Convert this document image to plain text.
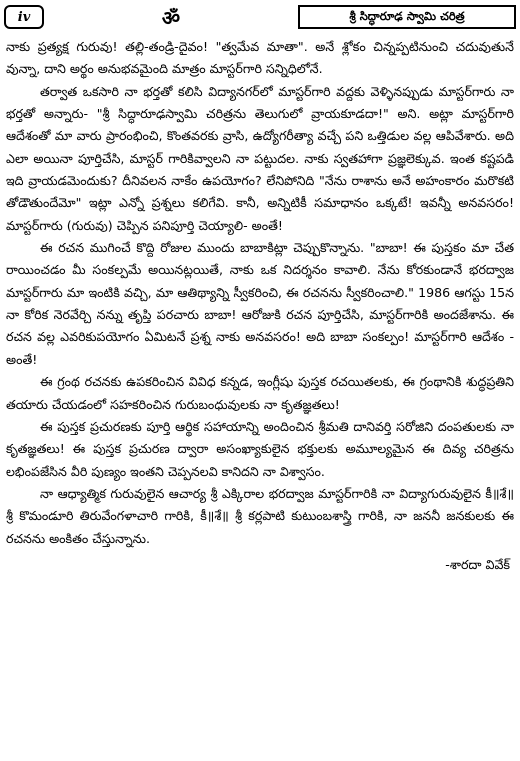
iv	ॐ	శ్రీ సిద్ధారూఢ స్వామి చరిత్ర

నాకు ప్రత్యక్ష గురువు! తల్లి-తండ్రి-దైవం! "త్వమేవ మాతా". అనే శ్లోకం చిన్నప్పటినుంచి చదువుతునే వున్నా, దాని అర్థం అనుభవమైంది మాత్రం మాస్టర్‌గారి సన్నిధిలోనే.

తర్వాత ఒకసారి నా భర్తతో కలిసి విద్యానగర్‌లో మాస్టర్‌గారి వద్దకు వెళ్ళినప్పుడు మాస్టర్‌గారు నా భర్తతో అన్నారు- "శ్రీ సిద్ధారూఢస్వామి చరిత్రను తెలుగులో వ్రాయకూడదా!" అని. అట్లా మాస్టర్‌గారి ఆదేశంతో మా వారు ప్రారంభించి, కొంతవరకు వ్రాసి, ఉద్యోగరీత్యా వచ్చే పని ఒత్తిడుల వల్ల ఆపివేశారు. అది ఎలా అయినా పూర్తిచేసి, మాస్టర్ గారికివ్వాలని నా పట్టుదల. నాకు స్వతహాగా ప్రజ్ఞలెక్కువ. ఇంత కష్టపడి ఇది వ్రాయడమెందుకు? దీనివలన నాకేం ఉపయోగం? లేనిపోనిది "నేను రాశాను అనే అహంకారం మరొకటి తోడౌతుందేమో" ఇట్లా ఎన్నో ప్రశ్నలు కలిగేవి. కానీ, అన్నిటికీ సమాధానం ఒక్కటే! ఇవన్నీ అనవసరం! మాస్టర్‌గారు (గురువు) చెప్పిన పనిపూర్తి చెయ్యాలి- అంతే!

ఈ రచన ముగించే కొద్ది రోజుల ముందు బాబాకిట్లా చెప్పుకొన్నాను. "బాబా! ఈ పుస్తకం మా చేత రాయించడం మీ సంకల్పమే అయినట్లయితే, నాకు ఒక నిదర్శనం కావాలి. నేను కోరకుండానే భరద్వాజ మాస్టర్‌గారు మా ఇంటికి వచ్చి, మా ఆతిథ్యాన్ని స్వీకరించి, ఈ రచనను స్వీకరించాలి." 1986 ఆగస్టు 15న నా కోరిక నెరవేర్చి నన్ను తృప్తి పరచారు బాబా! ఆరోజుకి రచన పూర్తిచేసి, మాస్టర్‌గారికి అందజేశాను. ఈ రచన వల్ల ఎవరికుపయోగం ఏమిటనే ప్రశ్న నాకు అనవసరం! అది బాబా సంకల్పం! మాస్టర్‌గారి ఆదేశం - అంతే!

ఈ గ్రంథ రచనకు ఉపకరించిన వివిధ కన్నడ, ఇంగ్లీషు పుస్తక రచయితలకు, ఈ గ్రంథానికి శుద్ధప్రతిని తయారు చేయడంలో సహకరించిన గురుబంధువులకు నా కృతజ్ఞతలు!

ఈ పుస్తక ప్రచురణకు పూర్తి ఆర్థిక సహాయాన్ని అందించిన శ్రీమతి దానివర్తి సరోజిని దంపతులకు నా కృతజ్ఞతలు! ఈ పుస్తక ప్రచురణ ద్వారా అసంఖ్యాకులైన భక్తులకు అమూల్యమైన ఈ దివ్య చరిత్రను లభింపజేసిన వీరి పుణ్యం ఇంతని చెప్పనలవి కానిదని నా విశ్వాసం.

నా ఆధ్యాత్మిక గురువులైన ఆచార్య శ్రీ ఎక్కిరాల భరద్వాజ మాస్టర్‌గారికి నా విద్యాగురువులైన కీ॥శే॥ శ్రీ కొమండూరి తిరువేంగళాచారి గారికి, కీ॥శే॥ శ్రీ కర్లపాటి కుటుంబశాస్త్రి గారికి, నా జననీ జనకులకు ఈ రచనను అంకితం చేస్తున్నాను.

-శారదా వివేక్
